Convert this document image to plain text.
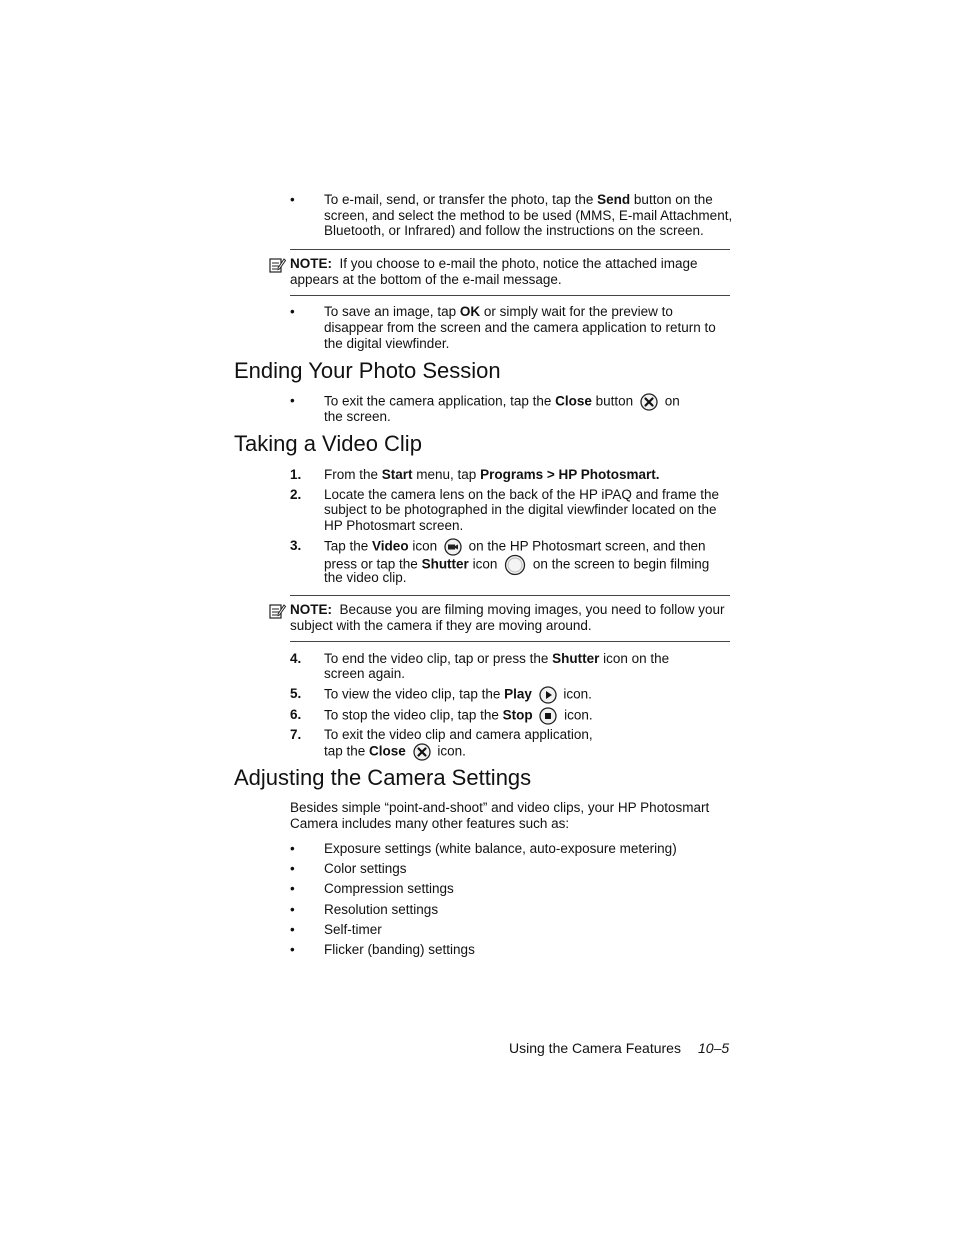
•	To e-mail, send, or transfer the photo, tap the Send button on the
screen, and select the method to be used (MMS, E-mail Attachment,
Bluetooth, or Infrared) and follow the instructions on the screen.
NOTE: If you choose to e-mail the photo, notice the attached image
appears at the bottom of the e-mail message.
•	To save an image, tap OK or simply wait for the preview to
disappear from the screen and the camera application to return to
the digital viewfinder.
Ending Your Photo Session
•	To exit the camera application, tap the Close button on
the screen.
Taking a Video Clip
1. From the Start menu, tap Programs > HP Photosmart.
2. Locate the camera lens on the back of the HP iPAQ and frame the
subject to be photographed in the digital viewfinder located on the
HP Photosmart screen.
3. Tap the Video icon on the HP Photosmart screen, and then
press or tap the Shutter icon	on the screen to begin filming
the video clip.
NOTE: Because you are filming moving images, you need to follow your
subject with the camera if they are moving around.
4. To end the video clip, tap or press the Shutter icon on the
screen again.
5. To view the video clip, tap the Play icon.
6. To stop the video clip, tap the Stop icon.
7. To exit the video clip and camera application,
tap the Close icon.
Adjusting the Camera Settings
Besides simple “point-and-shoot” and video clips, your HP Photosmart
Camera includes many other features such as:
•	Exposure settings (white balance, auto-exposure metering)
•	Color settings
•	Compression settings
•	Resolution settings
•	Self-timer
•	Flicker (banding) settings
Using the Camera Features 10–5
